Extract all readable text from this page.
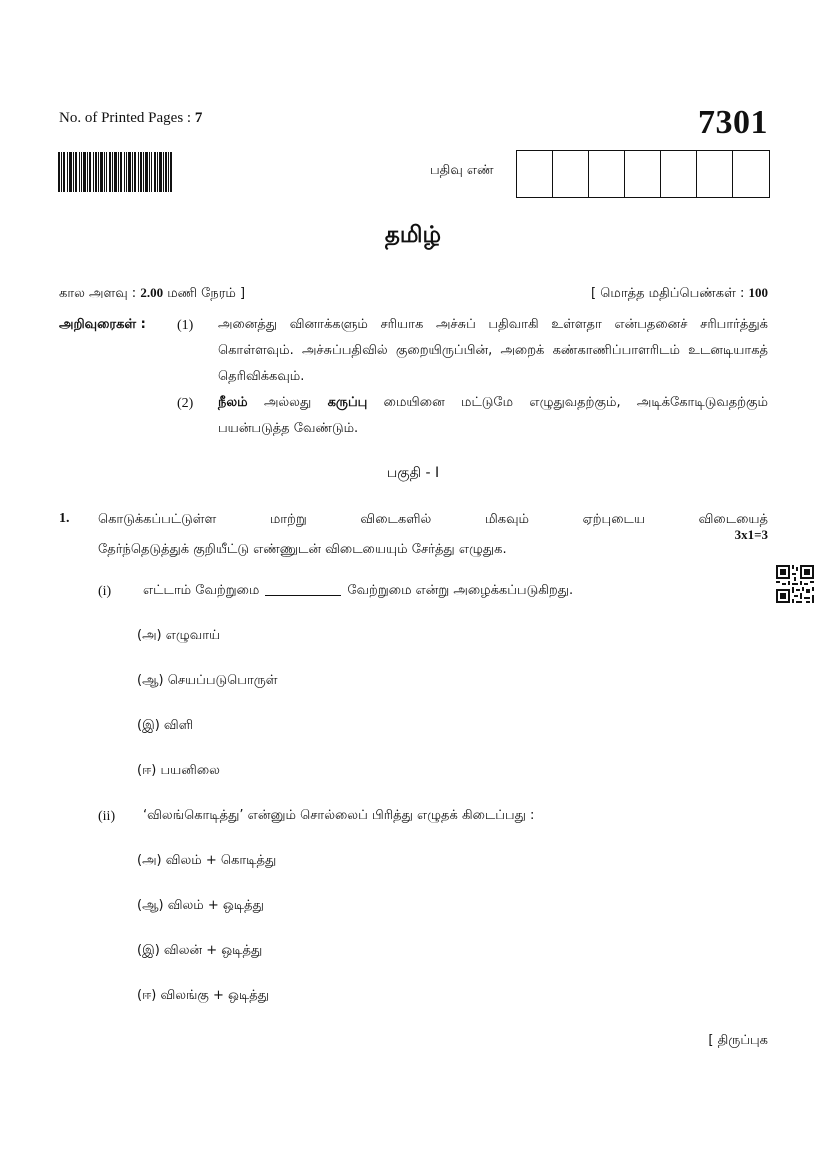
No. of Printed Pages : 7	7301
பதிவு எண்
தமிழ்
கால அளவு : 2.00 மணி நேரம் ]	[ மொத்த மதிப்பெண்கள் : 100
அறிவுரைகள் : (1) அனைத்து வினாக்களும் சரியாக அச்சுப் பதிவாகி உள்ளதா என்பதனைச் சரிபார்த்துக் கொள்ளவும். அச்சுப்பதிவில் குறையிருப்பின், அறைக் கண்காணிப்பாளரிடம் உடனடியாகத் தெரிவிக்கவும்.
(2) நீலம் அல்லது கருப்பு மையினை மட்டுமே எழுதுவதற்கும், அடிக்கோடிடுவதற்கும் பயன்படுத்த வேண்டும்.
பகுதி - I
1. கொடுக்கப்பட்டுள்ள மாற்று விடைகளில் மிகவும் ஏற்புடைய விடையைத்
தேர்ந்தெடுத்துக் குறியீட்டு எண்ணுடன் விடையையும் சேர்த்து எழுதுக.
3x1=3
(i) எட்டாம் வேற்றுமை	வேற்றுமை என்று அழைக்கப்படுகிறது.
(அ) எழுவாய்
(ஆ) செயப்படுபொருள்
(இ) விளி
(ஈ) பயனிலை
(ii) ‘விலங்கொடித்து’ என்னும் சொல்லைப் பிரித்து எழுதக் கிடைப்பது :
(அ) விலம் + கொடித்து
(ஆ) விலம் + ஒடித்து
(இ) விலன் + ஒடித்து
(ஈ) விலங்கு + ஒடித்து
[ திருப்புக
